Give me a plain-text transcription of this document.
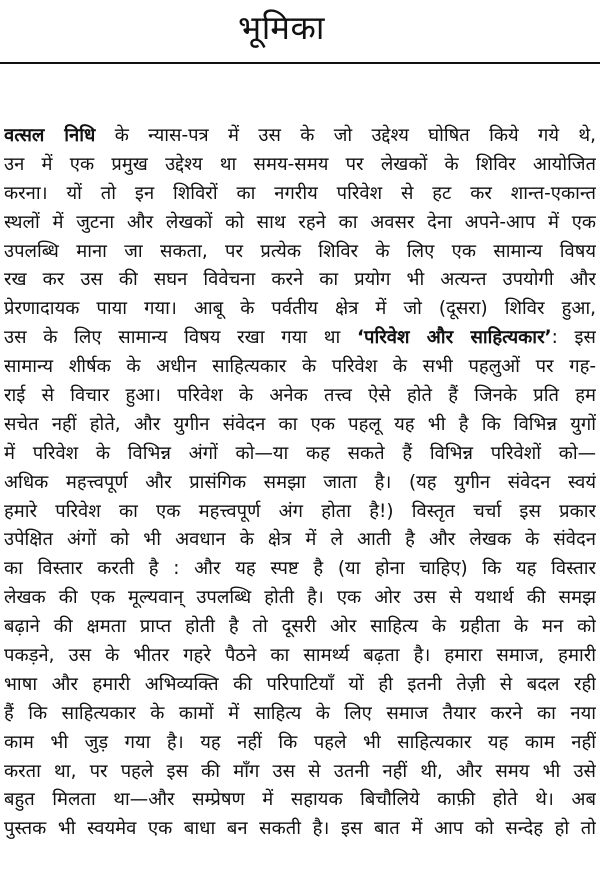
भूमिका
वत्सल निधि के न्यास-पत्र में उस के जो उद्देश्य घोषित किये गये थे,
उन में एक प्रमुख उद्देश्य था समय-समय पर लेखकों के शिविर आयोजित
करना। यों तो इन शिविरों का नगरीय परिवेश से हट कर शान्त-एकान्त
स्थलों में जुटना और लेखकों को साथ रहने का अवसर देना अपने-आप में एक
उपलब्धि माना जा सकता, पर प्रत्येक शिविर के लिए एक सामान्य विषय
रख कर उस की सघन विवेचना करने का प्रयोग भी अत्यन्त उपयोगी और
प्रेरणादायक पाया गया। आबू के पर्वतीय क्षेत्र में जो (दूसरा) शिविर हुआ,
उस के लिए सामान्य विषय रखा गया था ‘परिवेश और साहित्यकार’: इस
सामान्य शीर्षक के अधीन साहित्यकार के परिवेश के सभी पहलुओं पर गह-
राई से विचार हुआ। परिवेश के अनेक तत्त्व ऐसे होते हैं जिनके प्रति हम
सचेत नहीं होते, और युगीन संवेदन का एक पहलू यह भी है कि विभिन्न युगों
में परिवेश के विभिन्न अंगों को—या कह सकते हैं विभिन्न परिवेशों को—
अधिक महत्त्वपूर्ण और प्रासंगिक समझा जाता है। (यह युगीन संवेदन स्वयं
हमारे परिवेश का एक महत्त्वपूर्ण अंग होता है!) विस्तृत चर्चा इस प्रकार
उपेक्षित अंगों को भी अवधान के क्षेत्र में ले आती है और लेखक के संवेदन
का विस्तार करती है : और यह स्पष्ट है (या होना चाहिए) कि यह विस्तार
लेखक की एक मूल्यवान् उपलब्धि होती है। एक ओर उस से यथार्थ की समझ
बढ़ाने की क्षमता प्राप्त होती है तो दूसरी ओर साहित्य के ग्रहीता के मन को
पकड़ने, उस के भीतर गहरे पैठने का सामर्थ्य बढ़ता है। हमारा समाज, हमारी
भाषा और हमारी अभिव्यक्ति की परिपाटियाँ यों ही इतनी तेज़ी से बदल रही
हैं कि साहित्यकार के कामों में साहित्य के लिए समाज तैयार करने का नया
काम भी जुड़ गया है। यह नहीं कि पहले भी साहित्यकार यह काम नहीं
करता था, पर पहले इस की माँग उस से उतनी नहीं थी, और समय भी उसे
बहुत मिलता था—और सम्प्रेषण में सहायक बिचौलिये काफ़ी होते थे। अब
पुस्तक भी स्वयमेव एक बाधा बन सकती है। इस बात में आप को सन्देह हो तो
